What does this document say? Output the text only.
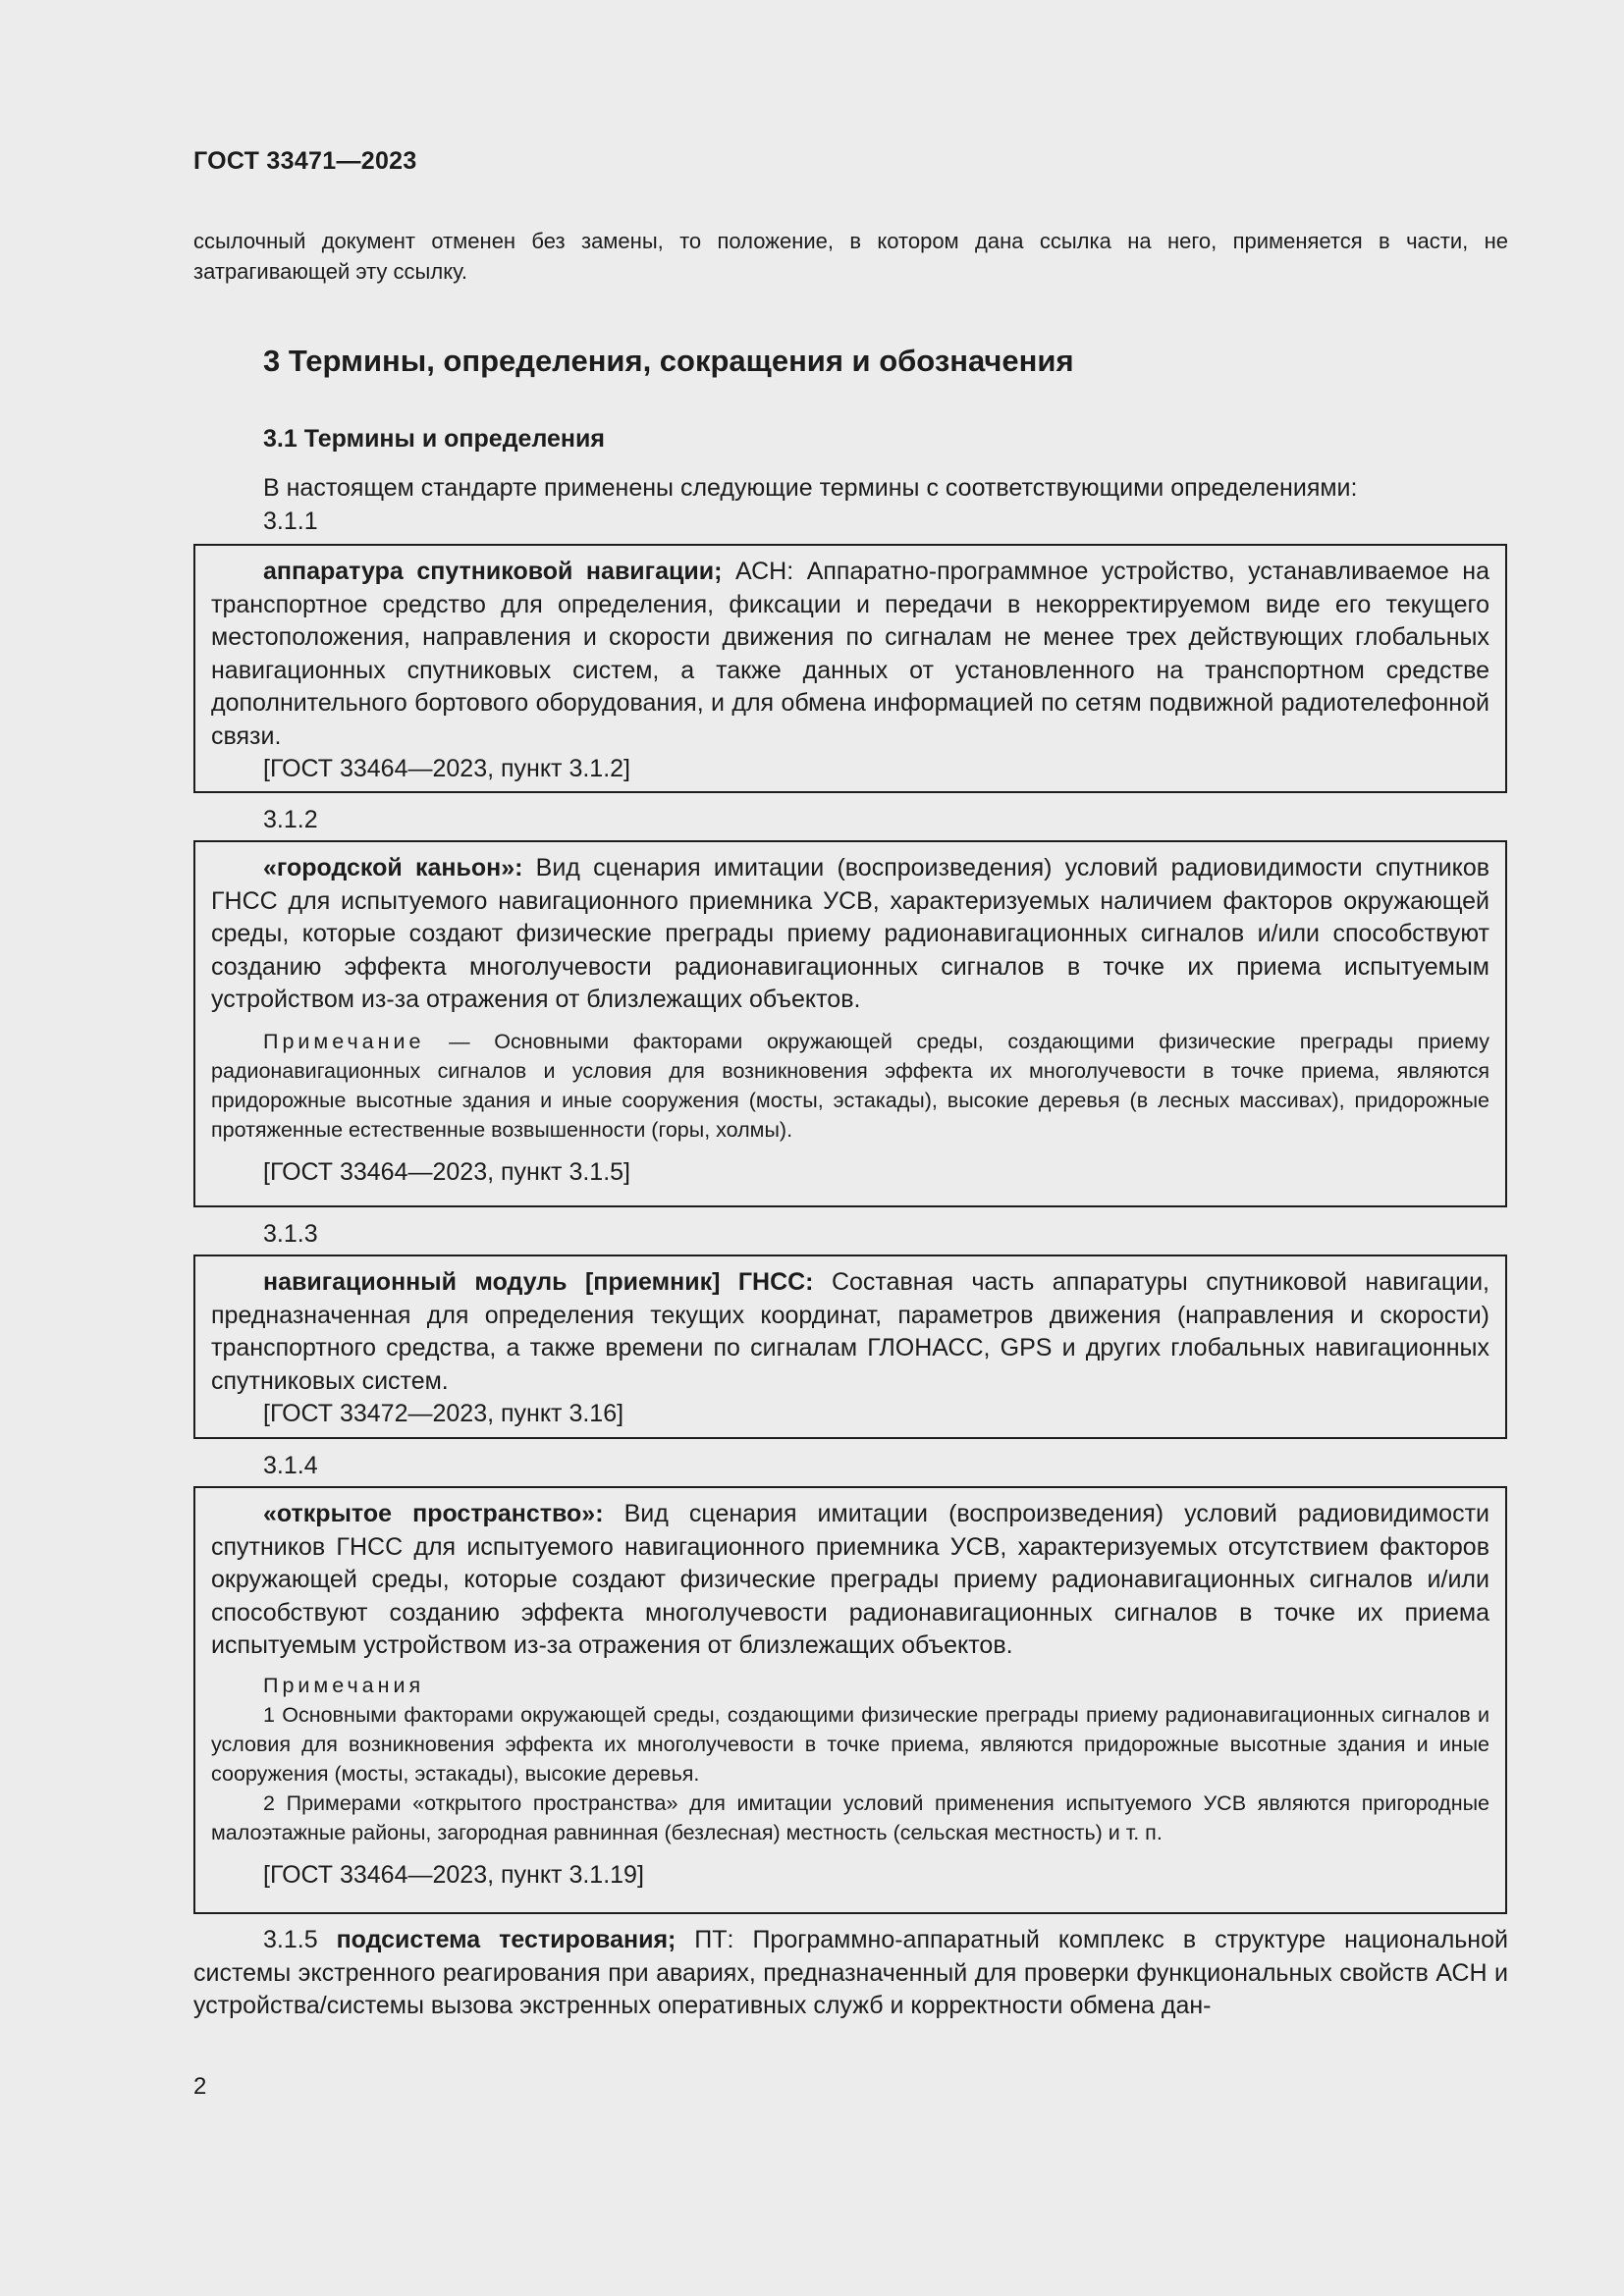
ГОСТ 33471—2023
ссылочный документ отменен без замены, то положение, в котором дана ссылка на него, применяется в части, не затрагивающей эту ссылку.
3 Термины, определения, сокращения и обозначения
3.1 Термины и определения
В настоящем стандарте применены следующие термины с соответствующими определениями:
3.1.1

аппаратура спутниковой навигации; АСН: Аппаратно-программное устройство, устанавливаемое на транспортное средство для определения, фиксации и передачи в некорректируемом виде его текущего местоположения, направления и скорости движения по сигналам не менее трех действующих глобальных навигационных спутниковых систем, а также данных от установленного на транспортном средстве дополнительного бортового оборудования, и для обмена информацией по сетям подвижной радиотелефонной связи.

[ГОСТ 33464—2023, пункт 3.1.2]

3.1.2

«городской каньон»: Вид сценария имитации (воспроизведения) условий радиовидимости спутников ГНСС для испытуемого навигационного приемника УСВ, характеризуемых наличием факторов окружающей среды, которые создают физические преграды приему радионавигационных сигналов и/или способствуют созданию эффекта многолучевости радионавигационных сигналов в точке их приема испытуемым устройством из-за отражения от близлежащих объектов.

Примечание — Основными факторами окружающей среды, создающими физические преграды приему радионавигационных сигналов и условия для возникновения эффекта их многолучевости в точке приема, являются придорожные высотные здания и иные сооружения (мосты, эстакады), высокие деревья (в лесных массивах), придорожные протяженные естественные возвышенности (горы, холмы).

[ГОСТ 33464—2023, пункт 3.1.5]

3.1.3

навигационный модуль [приемник] ГНСС: Составная часть аппаратуры спутниковой навигации, предназначенная для определения текущих координат, параметров движения (направления и скорости) транспортного средства, а также времени по сигналам ГЛОНАСС, GPS и других глобальных навигационных спутниковых систем.

[ГОСТ 33472—2023, пункт 3.16]

3.1.4

«открытое пространство»: Вид сценария имитации (воспроизведения) условий радиовидимости спутников ГНСС для испытуемого навигационного приемника УСВ, характеризуемых отсутствием факторов окружающей среды, которые создают физические преграды приему радионавигационных сигналов и/или способствуют созданию эффекта многолучевости радионавигационных сигналов в точке их приема испытуемым устройством из-за отражения от близлежащих объектов.

Примечания

1 Основными факторами окружающей среды, создающими физические преграды приему радионавигационных сигналов и условия для возникновения эффекта их многолучевости в точке приема, являются придорожные высотные здания и иные сооружения (мосты, эстакады), высокие деревья.

2 Примерами «открытого пространства» для имитации условий применения испытуемого УСВ являются пригородные малоэтажные районы, загородная равнинная (безлесная) местность (сельская местность) и т. п.

[ГОСТ 33464—2023, пункт 3.1.19]

3.1.5 подсистема тестирования; ПТ: Программно-аппаратный комплекс в структуре национальной системы экстренного реагирования при авариях, предназначенный для проверки функциональных свойств АСН и устройства/системы вызова экстренных оперативных служб и корректности обмена дан-
2
